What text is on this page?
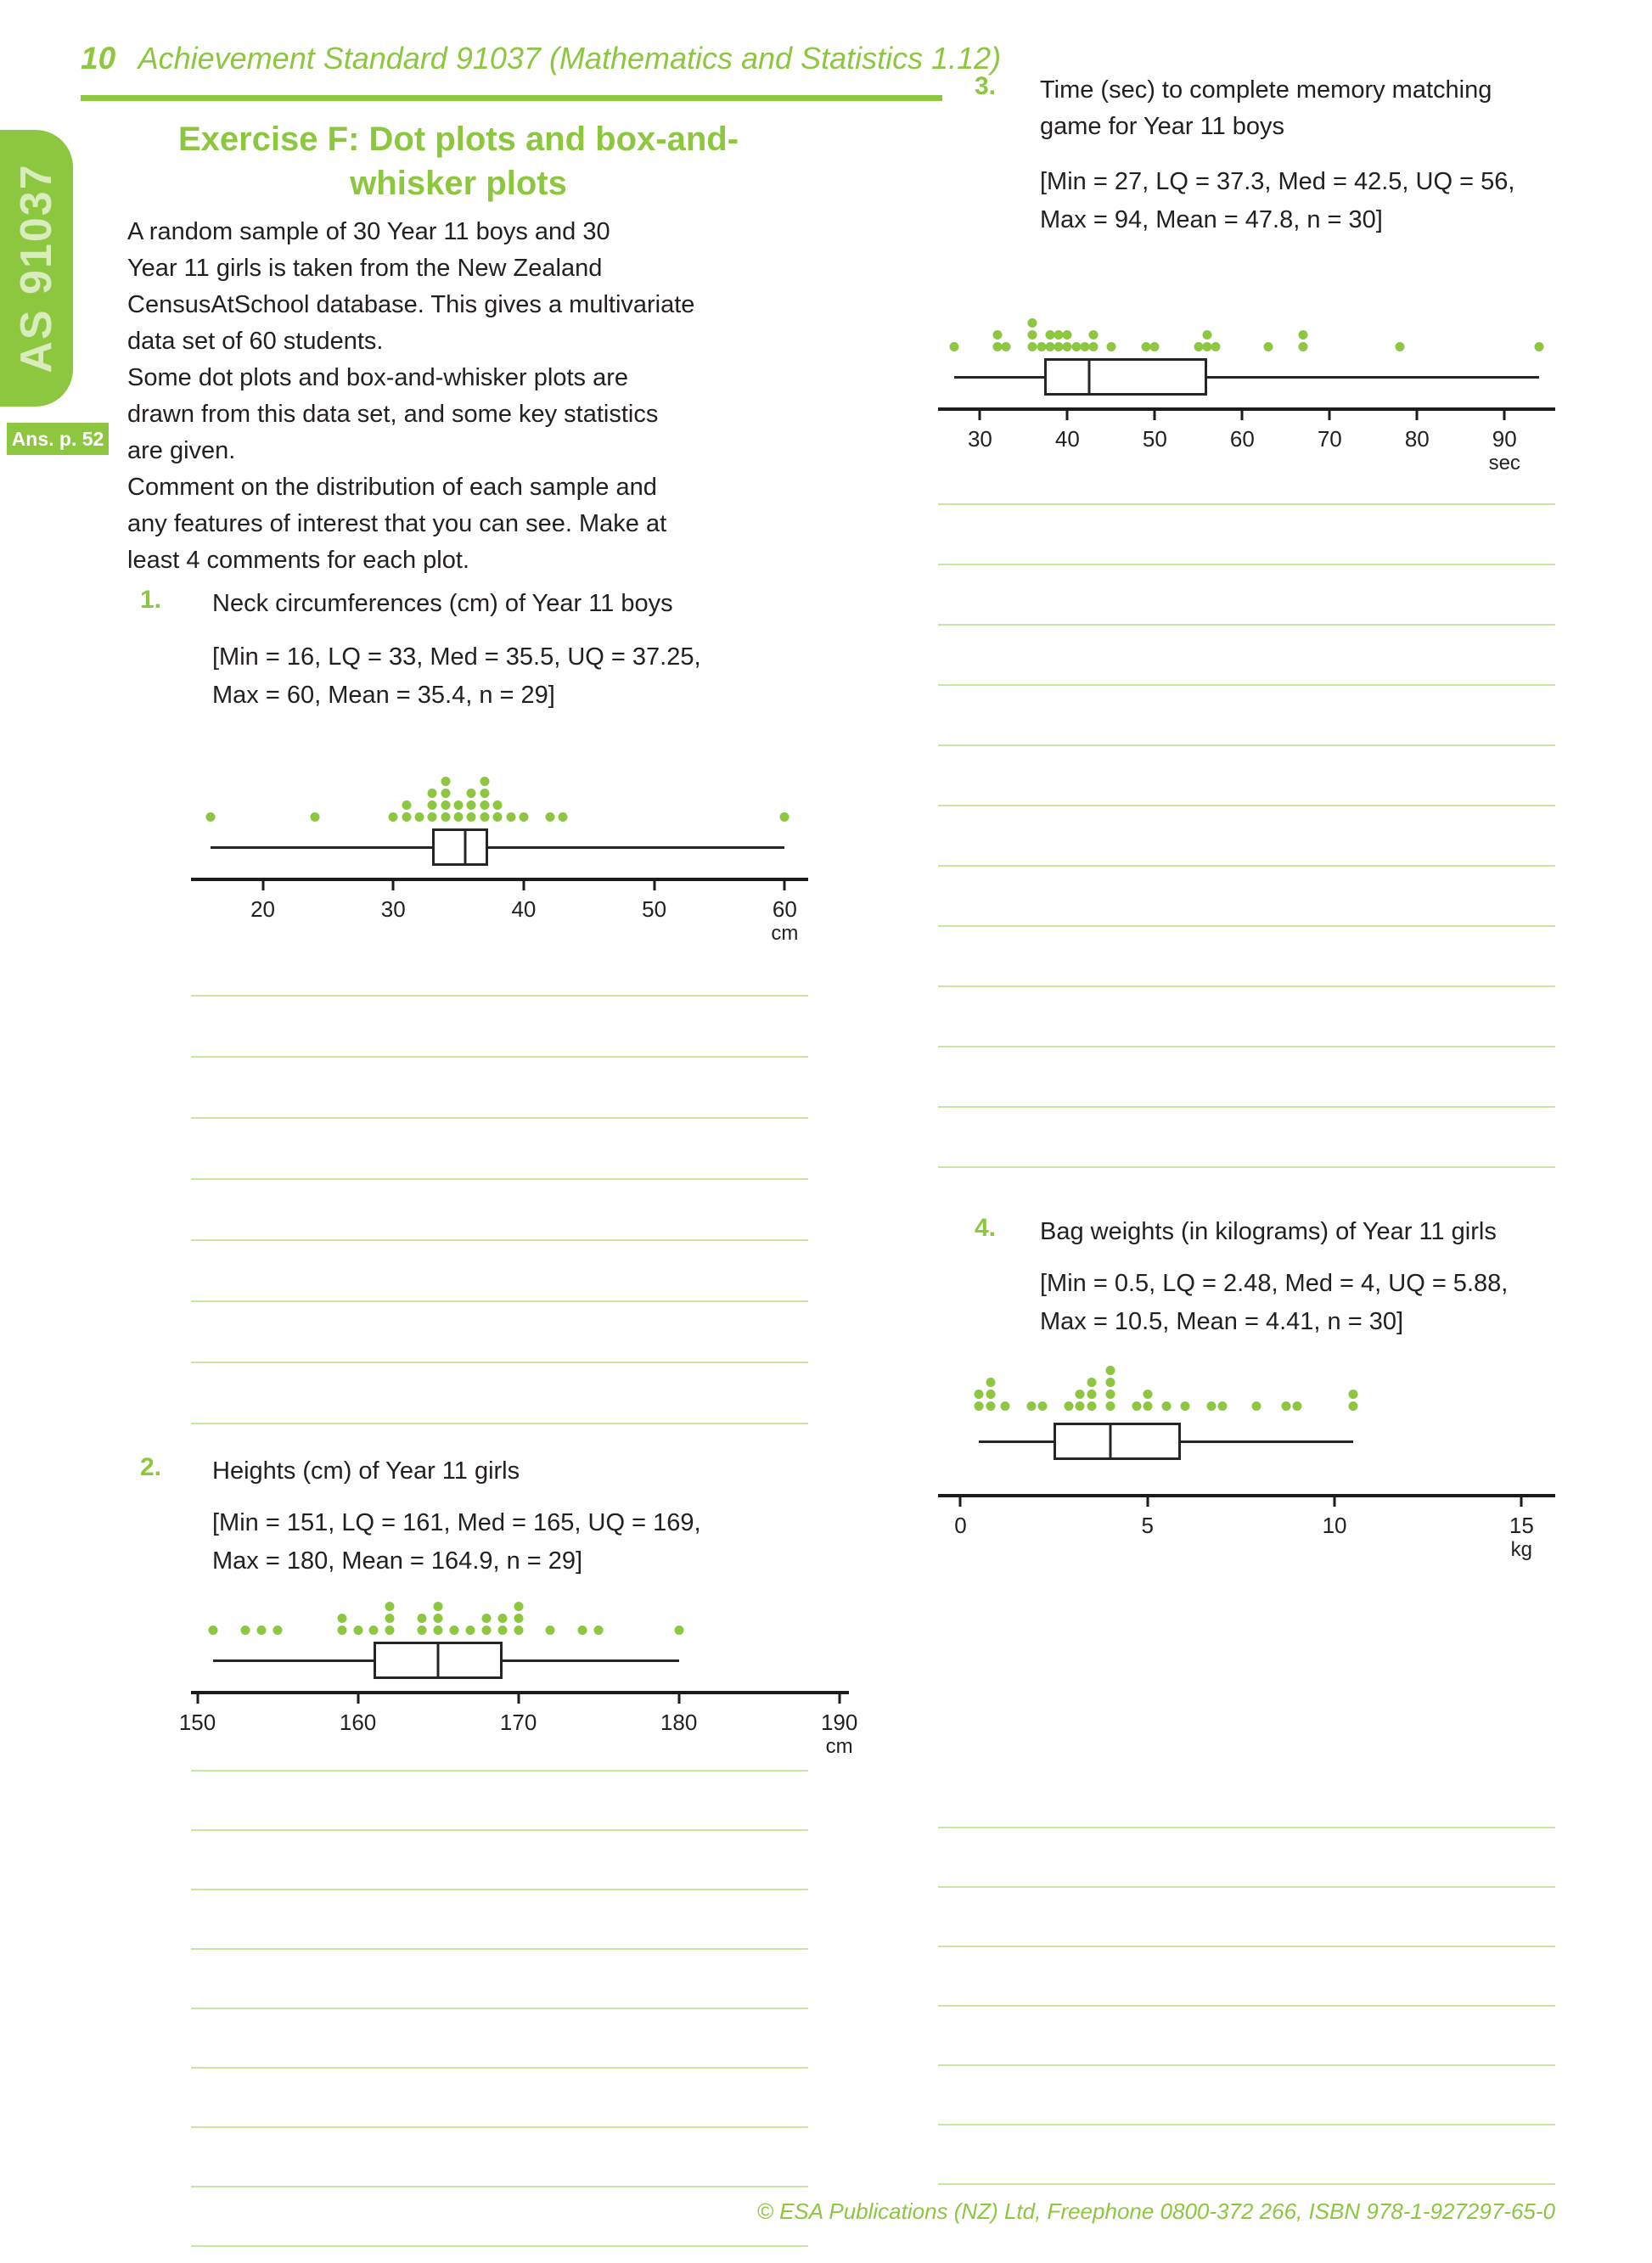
10 Achievement Standard 91037 (Mathematics and Statistics 1.12)
AS 91037
Ans. p. 52
Exercise F: Dot plots and box-and-
whisker plots
A random sample of 30 Year 11 boys and 30
Year 11 girls is taken from the New Zealand
CensusAtSchool database. This gives a multivariate
data set of 60 students.
Some dot plots and box-and-whisker plots are
drawn from this data set, and some key statistics
are given.
Comment on the distribution of each sample and
any features of interest that you can see. Make at
least 4 comments for each plot.
1. Neck circumferences (cm) of Year 11 boys
[Min = 16, LQ = 33, Med = 35.5, UQ = 37.25,
Max = 60, Mean = 35.4, n = 29]
20	30	40	50	60
cm
2. Heights (cm) of Year 11 girls
[Min = 151, LQ = 161, Med = 165, UQ = 169,
Max = 180, Mean = 164.9, n = 29]
150	160	170	180	190
cm
3. Time (sec) to complete memory matching
game for Year 11 boys
[Min = 27, LQ = 37.3, Med = 42.5, UQ = 56,
Max = 94, Mean = 47.8, n = 30]
30	40	50	60	70	80	90
sec
4. Bag weights (in kilograms) of Year 11 girls
[Min = 0.5, LQ = 2.48, Med = 4, UQ = 5.88,
Max = 10.5, Mean = 4.41, n = 30]
0	5	10	15
kg
© ESA Publications (NZ) Ltd, Freephone 0800-372 266, ISBN 978-1-927297-65-0
